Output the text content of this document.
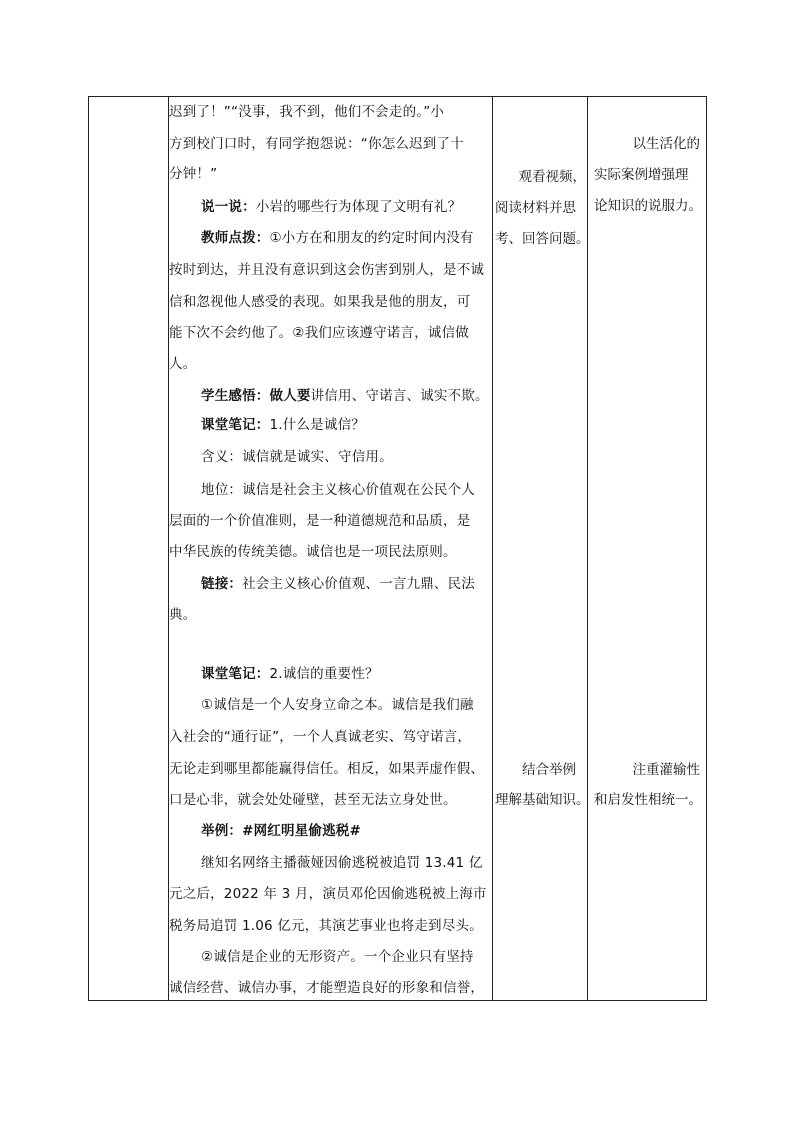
迟到了！”“没事，我不到，他们不会走的。”小
方到校门口时，有同学抱怨说：“你怎么迟到了十
分钟！”
说一说：小岩的哪些行为体现了文明有礼？
教师点拨：①小方在和朋友的约定时间内没有
按时到达，并且没有意识到这会伤害到别人，是不诚
信和忽视他人感受的表现。如果我是他的朋友，可
能下次不会约他了。②我们应该遵守诺言，诚信做
人。
学生感悟：做人要讲信用、守诺言、诚实不欺。
课堂笔记：1.什么是诚信？
含义：诚信就是诚实、守信用。
地位：诚信是社会主义核心价值观在公民个人
层面的一个价值准则，是一种道德规范和品质，是
中华民族的传统美德。诚信也是一项民法原则。
链接：社会主义核心价值观、一言九鼎、民法
典。
课堂笔记：2.诚信的重要性？
①诚信是一个人安身立命之本。诚信是我们融
入社会的“通行证”，一个人真诚老实、笃守诺言，
无论走到哪里都能赢得信任。相反，如果弄虚作假、
口是心非，就会处处碰壁，甚至无法立身处世。
举例：#网红明星偷逃税#
继知名网络主播薇娅因偷逃税被追罚 13.41 亿
元之后，2022 年 3 月，演员邓伦因偷逃税被上海市
税务局追罚 1.06 亿元，其演艺事业也将走到尽头。
②诚信是企业的无形资产。一个企业只有坚持
诚信经营、诚信办事，才能塑造良好的形象和信誉，
观看视频，
阅读材料并思
考、回答问题。
结合举例
理解基础知识。
以生活化的
实际案例增强理
论知识的说服力。
注重灌输性
和启发性相统一。
